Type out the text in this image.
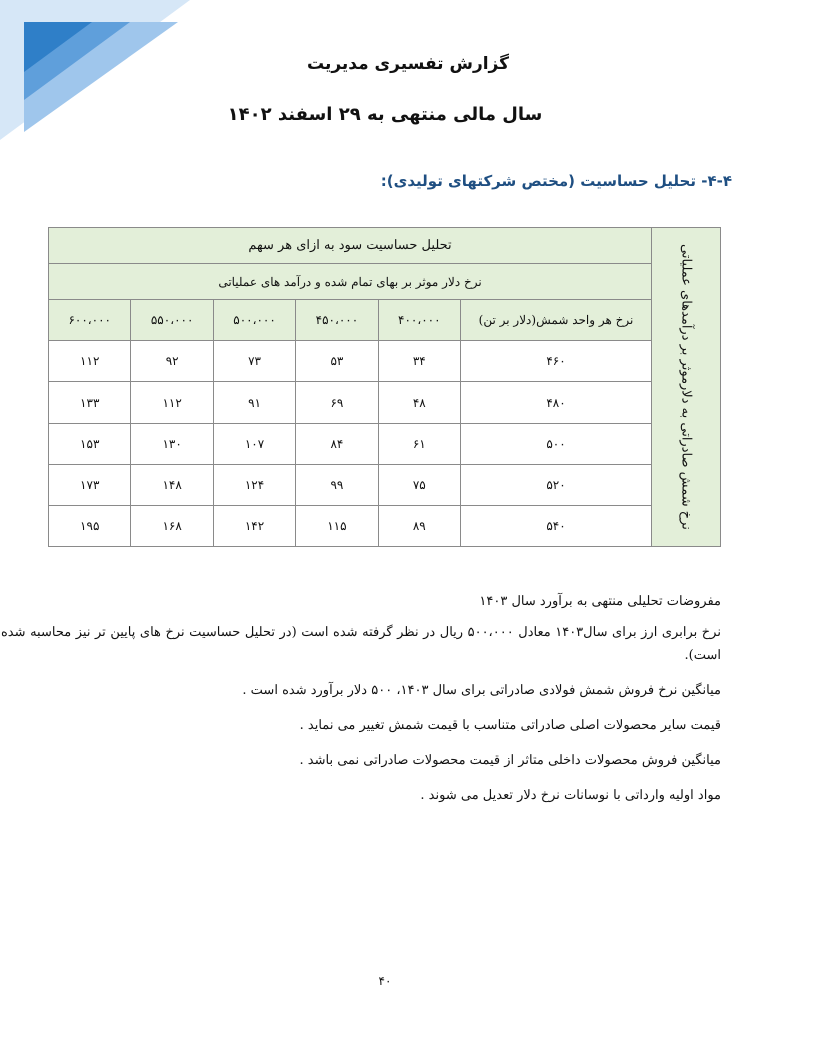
گزارش تفسیری مدیریت
سال مالی منتهی به ۲۹ اسفند ۱۴۰۲
۴-۴- تحلیل حساسیت (مختص شرکتهای تولیدی):
نرخ شمش صادراتی به دلارموثر بر درآمدهای عملیاتی	تحلیل حساسیت سود به ازای هر سهم					
	نرخ دلار موثر بر بهای تمام شده و درآمد های عملیاتی					
	نرخ هر واحد شمش(دلار بر تن)	۴۰۰،۰۰۰	۴۵۰،۰۰۰	۵۰۰،۰۰۰	۵۵۰،۰۰۰	۶۰۰،۰۰۰
	۴۶۰	۳۴	۵۳	۷۳	۹۲	۱۱۲
	۴۸۰	۴۸	۶۹	۹۱	۱۱۲	۱۳۳
	۵۰۰	۶۱	۸۴	۱۰۷	۱۳۰	۱۵۳
	۵۲۰	۷۵	۹۹	۱۲۴	۱۴۸	۱۷۳
	۵۴۰	۸۹	۱۱۵	۱۴۲	۱۶۸	۱۹۵

مفروضات تحلیلی منتهی به برآورد سال ۱۴۰۳

نرخ برابری ارز برای سال۱۴۰۳ معادل ۵۰۰،۰۰۰ ریال در نظر گرفته شده است (در تحلیل حساسیت نرخ های پایین تر نیز محاسبه شده است).

میانگین نرخ فروش شمش فولادی صادراتی برای سال ۱۴۰۳، ۵۰۰ دلار برآورد شده است .

قیمت سایر محصولات اصلی صادراتی متناسب با قیمت شمش تغییر می نماید .

میانگین فروش محصولات داخلی متاثر از قیمت محصولات صادراتی نمی باشد .

مواد اولیه وارداتی با نوسانات نرخ دلار تعدیل می شوند .

۴۰
